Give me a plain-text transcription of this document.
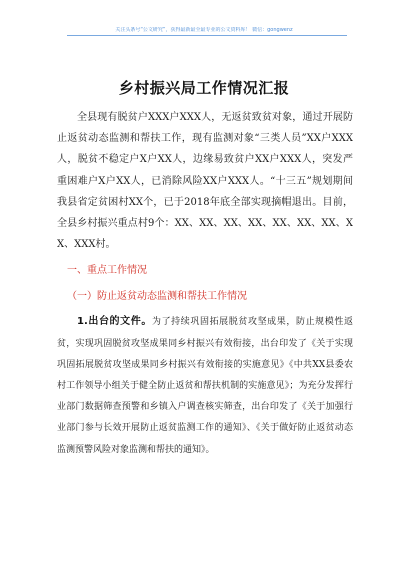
关注头条号“公文研究”，获得最新最全最专业的公文资料库！ 微信：gongwenz
乡村振兴局工作情况汇报

全县现有脱贫户XXX户XXX人，无返贫致贫对象，通过开展防止返贫动态监测和帮扶工作，现有监测对象“三类人员”XX户XXX人，脱贫不稳定户X户XX人，边缘易致贫户XX户XXX人，突发严重困难户X户XX人，已消除风险XX户XXX人。“十三五”规划期间我县省定贫困村XX个，已于2018年底全部实现摘帽退出。目前，全县乡村振兴重点村9个：XX、XX、XX、XX、XX、XX、XX、XX、XXX村。

一、重点工作情况
（一）防止返贫动态监测和帮扶工作情况

1.出台的文件。为了持续巩固拓展脱贫攻坚成果，防止规模性返贫，实现巩固脱贫攻坚成果同乡村振兴有效衔接，出台印发了《关于实现巩固拓展脱贫攻坚成果同乡村振兴有效衔接的实施意见》《中共XX县委农村工作领导小组关于健全防止返贫和帮扶机制的实施意见》；为充分发挥行业部门数据筛查预警和乡镇入户调查核实筛查，出台印发了《关于加强行业部门参与长效开展防止返贫监测工作的通知》、《关于做好防止返贫动态监测预警风险对象监测和帮扶的通知》。
